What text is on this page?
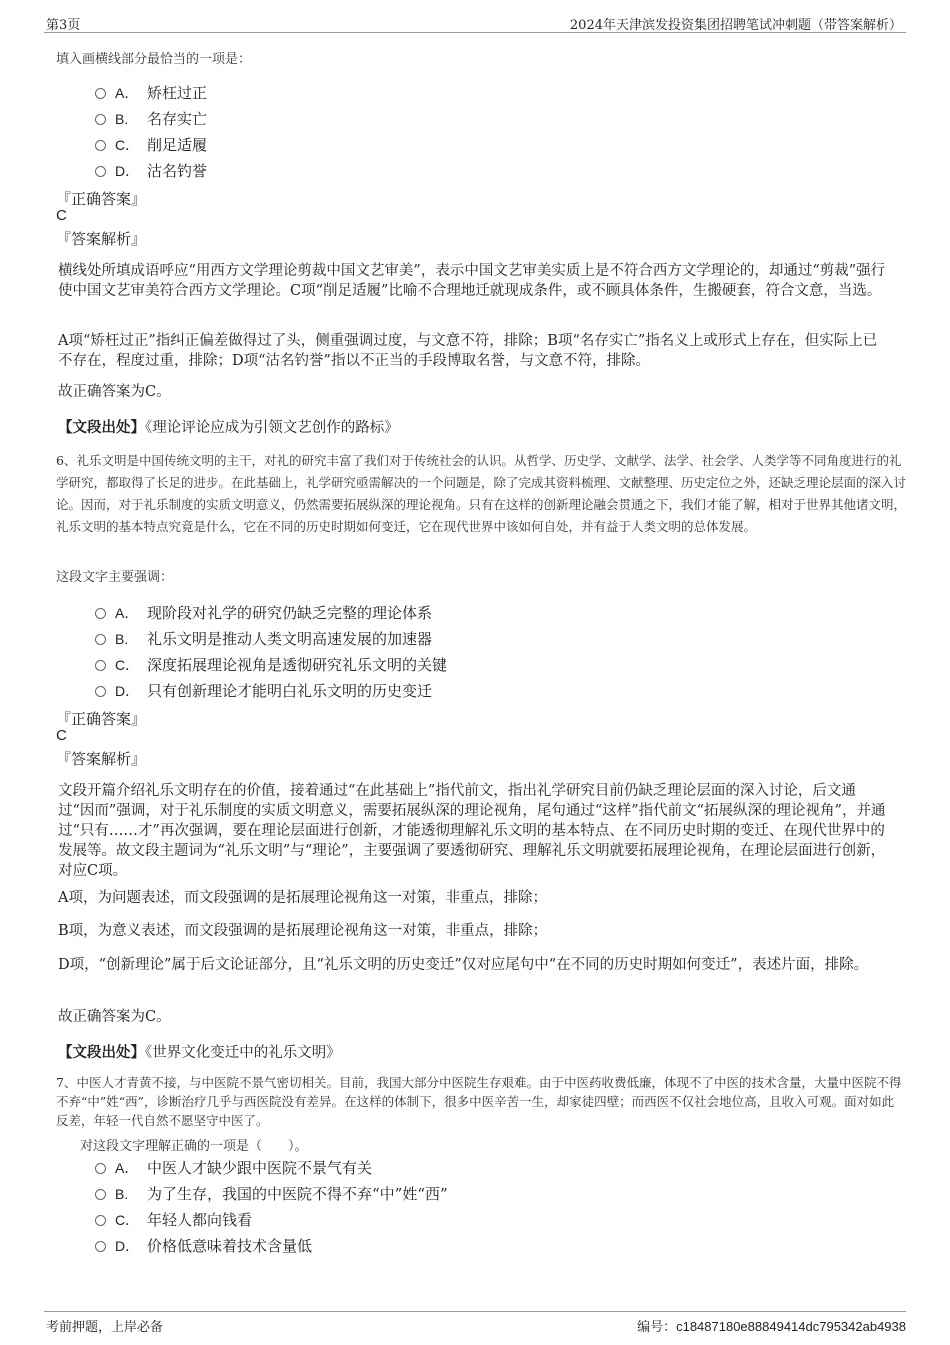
第3页	2024年天津滨发投资集团招聘笔试冲刺题（带答案解析）
填入画横线部分最恰当的一项是：
A． 矫枉过正
B. 名存实亡
C． 削足适履
D． 沽名钓誉
『正确答案』
C
『答案解析』
横线处所填成语呼应“用西方文学理论剪裁中国文艺审美”，表示中国文艺审美实质上是不符合西方文学理论的，却通过“剪裁”强行使中国文艺审美符合西方文学理论。C项“削足适履”比喻不合理地迁就现成条件，或不顾具体条件，生搬硬套，符合文意，当选。
A项“矫枉过正”指纠正偏差做得过了头，侧重强调过度，与文意不符，排除；B项“名存实亡”指名义上或形式上存在，但实际上已不存在，程度过重，排除；D项“沽名钓誉”指以不正当的手段博取名誉，与文意不符，排除。
故正确答案为C。
【文段出处】《理论评论应成为引领文艺创作的路标》
6、礼乐文明是中国传统文明的主干，对礼的研究丰富了我们对于传统社会的认识。从哲学、历史学、文献学、法学、社会学、人类学等不同角度进行的礼学研究，都取得了长足的进步。在此基础上，礼学研究亟需解决的一个问题是，除了完成其资料梳理、文献整理、历史定位之外，还缺乏理论层面的深入讨论。因而，对于礼乐制度的实质文明意义，仍然需要拓展纵深的理论视角。只有在这样的创新理论融会贯通之下，我们才能了解，相对于世界其他诸文明，礼乐文明的基本特点究竟是什么，它在不同的历史时期如何变迁，它在现代世界中该如何自处，并有益于人类文明的总体发展。
这段文字主要强调：
A． 现阶段对礼学的研究仍缺乏完整的理论体系
B. 礼乐文明是推动人类文明高速发展的加速器
C． 深度拓展理论视角是透彻研究礼乐文明的关键
D． 只有创新理论才能明白礼乐文明的历史变迁
『正确答案』
C
『答案解析』
文段开篇介绍礼乐文明存在的价值，接着通过“在此基础上”指代前文，指出礼学研究目前仍缺乏理论层面的深入讨论，后文通过“因而”强调，对于礼乐制度的实质文明意义，需要拓展纵深的理论视角，尾句通过“这样”指代前文“拓展纵深的理论视角”，并通过“只有……才”再次强调，要在理论层面进行创新，才能透彻理解礼乐文明的基本特点、在不同历史时期的变迁、在现代世界中的发展等。故文段主题词为“礼乐文明”与“理论”，主要强调了要透彻研究、理解礼乐文明就要拓展理论视角，在理论层面进行创新，对应C项。
A项，为问题表述，而文段强调的是拓展理论视角这一对策，非重点，排除；
B项，为意义表述，而文段强调的是拓展理论视角这一对策，非重点，排除；
D项，“创新理论”属于后文论证部分，且“礼乐文明的历史变迁”仅对应尾句中“在不同的历史时期如何变迁”，表述片面，排除。
故正确答案为C。
【文段出处】《世界文化变迁中的礼乐文明》
7、中医人才青黄不接，与中医院不景气密切相关。目前，我国大部分中医院生存艰难。由于中医药收费低廉，体现不了中医的技术含量，大量中医院不得不弃“中”姓“西”，诊断治疗几乎与西医院没有差异。在这样的体制下，很多中医辛苦一生，却家徒四壁；而西医不仅社会地位高，且收入可观。面对如此反差，年轻一代自然不愿坚守中医了。
对这段文字理解正确的一项是（　　）。
A． 中医人才缺少跟中医院不景气有关
B. 为了生存，我国的中医院不得不弃“中”姓“西”
C． 年轻人都向钱看
D． 价格低意味着技术含量低
考前押题，上岸必备	编号：c18487180e88849414dc795342ab4938
